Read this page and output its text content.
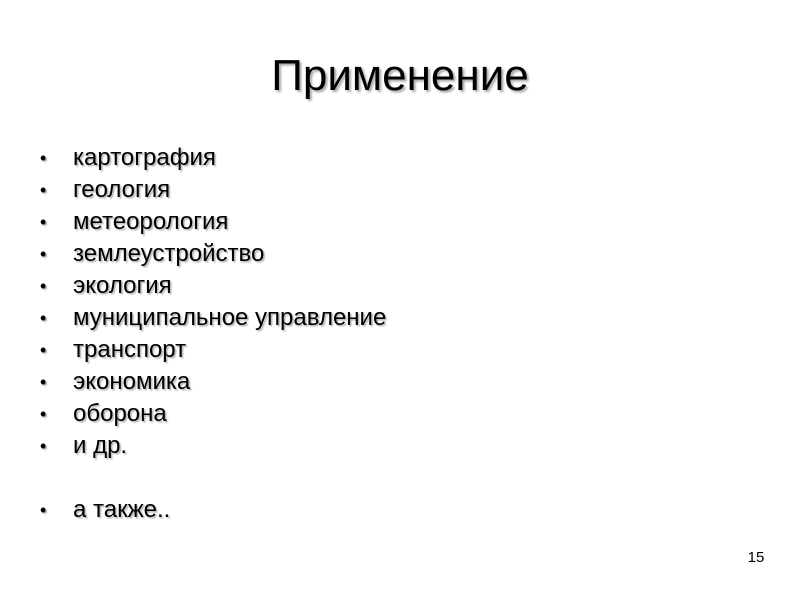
Применение
•	картография
•	геология
•	метеорология
•	землеустройство
•	экология
•	муниципальное управление
•	транспорт
•	экономика
•	оборона
•	и др.
•	а также..
15
